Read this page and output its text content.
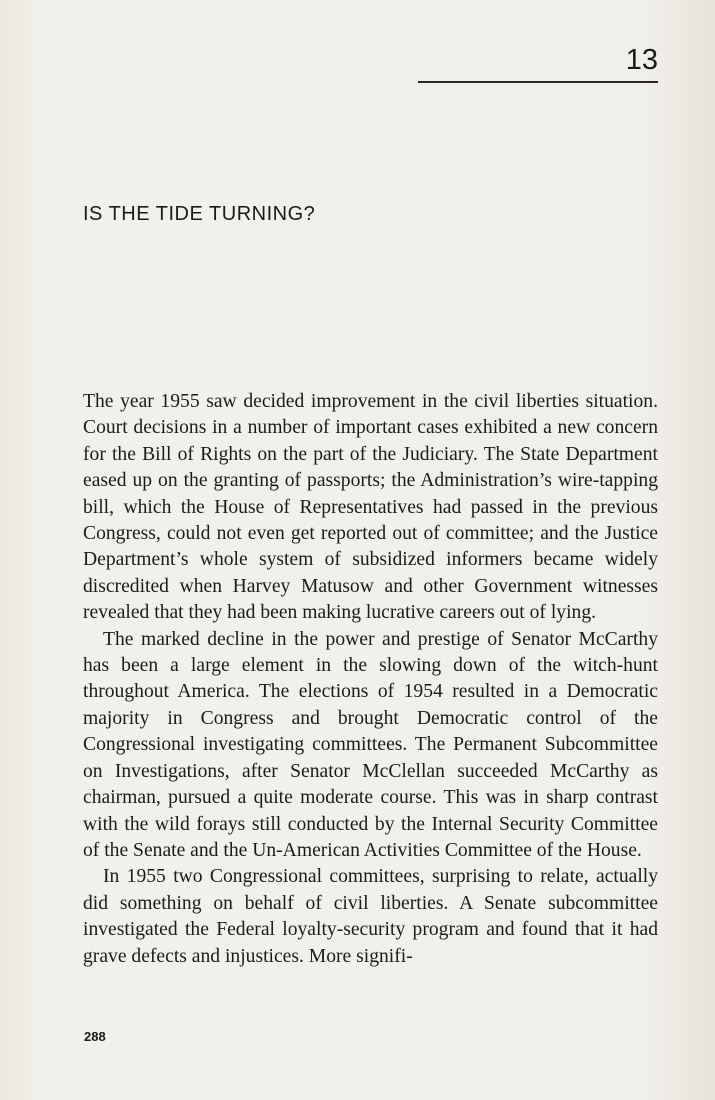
13
IS THE TIDE TURNING?

The year 1955 saw decided improvement in the civil liberties situation. Court decisions in a number of important cases exhibited a new concern for the Bill of Rights on the part of the Judiciary. The State Department eased up on the granting of passports; the Administration’s wire-tapping bill, which the House of Representatives had passed in the previous Congress, could not even get reported out of committee; and the Justice Department’s whole system of subsidized informers became widely discredited when Harvey Matusow and other Government witnesses revealed that they had been making lucrative careers out of lying.

The marked decline in the power and prestige of Senator McCarthy has been a large element in the slowing down of the witch-hunt throughout America. The elections of 1954 resulted in a Democratic majority in Congress and brought Democratic control of the Congressional investigating committees. The Permanent Subcommittee on Investigations, after Senator McClellan succeeded McCarthy as chairman, pursued a quite moderate course. This was in sharp contrast with the wild forays still conducted by the Internal Security Committee of the Senate and the Un-American Activities Committee of the House.

In 1955 two Congressional committees, surprising to relate, actually did something on behalf of civil liberties. A Senate subcommittee investigated the Federal loyalty-security program and found that it had grave defects and injustices. More signifi-

288
